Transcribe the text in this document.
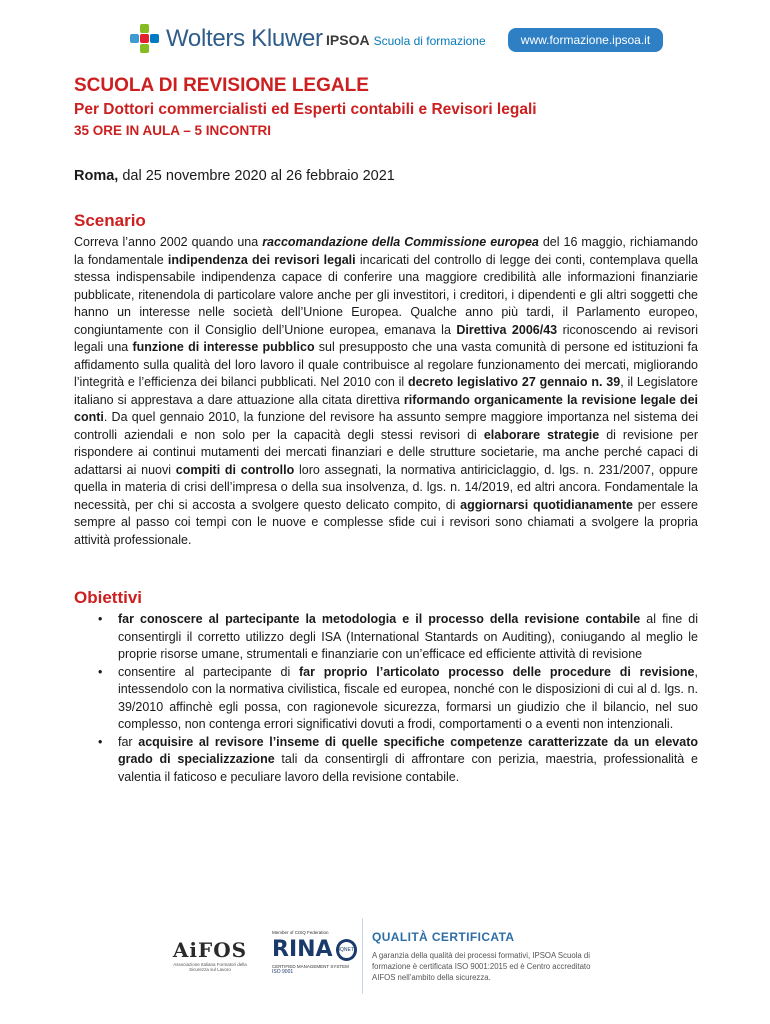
Wolters Kluwer IPSOA Scuola di formazione	www.formazione.ipsoa.it
SCUOLA DI REVISIONE LEGALE
Per Dottori commercialisti ed Esperti contabili e Revisori legali
35 ORE IN AULA – 5 INCONTRI
Roma, dal 25 novembre 2020 al 26 febbraio 2021
Scenario

Correva l’anno 2002 quando una raccomandazione della Commissione europea del 16 maggio, richiamando la fondamentale indipendenza dei revisori legali incaricati del controllo di legge dei conti, contemplava quella stessa indispensabile indipendenza capace di conferire una maggiore credibilità alle informazioni finanziarie pubblicate, ritenendola di particolare valore anche per gli investitori, i creditori, i dipendenti e gli altri soggetti che hanno un interesse nelle società dell’Unione Europea. Qualche anno più tardi, il Parlamento europeo, congiuntamente con il Consiglio dell’Unione europea, emanava la Direttiva 2006/43 riconoscendo ai revisori legali una funzione di interesse pubblico sul presupposto che una vasta comunità di persone ed istituzioni fa affidamento sulla qualità del loro lavoro il quale contribuisce al regolare funzionamento dei mercati, migliorando l’integrità e l’efficienza dei bilanci pubblicati. Nel 2010 con il decreto legislativo 27 gennaio n. 39, il Legislatore italiano si apprestava a dare attuazione alla citata direttiva riformando organicamente la revisione legale dei conti. Da quel gennaio 2010, la funzione del revisore ha assunto sempre maggiore importanza nel sistema dei controlli aziendali e non solo per la capacità degli stessi revisori di elaborare strategie di revisione per rispondere ai continui mutamenti dei mercati finanziari e delle strutture societarie, ma anche perché capaci di adattarsi ai nuovi compiti di controllo loro assegnati, la normativa antiriciclaggio, d. lgs. n. 231/2007, oppure quella in materia di crisi dell’impresa o della sua insolvenza, d. lgs. n. 14/2019, ed altri ancora. Fondamentale la necessità, per chi si accosta a svolgere questo delicato compito, di aggiornarsi quotidianamente per essere sempre al passo coi tempi con le nuove e complesse sfide cui i revisori sono chiamati a svolgere la propria attività professionale.

Obiettivi
• far conoscere al partecipante la metodologia e il processo della revisione contabile al fine di consentirgli il corretto utilizzo degli ISA (International Stantards on Auditing), coniugando al meglio le proprie risorse umane, strumentali e finanziarie con un’efficace ed efficiente attività di revisione
• consentire al partecipante di far proprio l’articolato processo delle procedure di revisione, intessendolo con la normativa civilistica, fiscale ed europea, nonché con le disposizioni di cui al d. lgs. n. 39/2010 affinchè egli possa, con ragionevole sicurezza, formarsi un giudizio che il bilancio, nel suo complesso, non contenga errori significativi dovuti a frodi, comportamenti o a eventi non intenzionali.
• far acquisire al revisore l’inseme di quelle specifiche competenze caratterizzate da un elevato grado di specializzazione tali da consentirgli di affrontare con perizia, maestria, professionalità e valentia il faticoso e peculiare lavoro della revisione contabile.
AiFOS
Associazione Italiana Formatori della Sicurezza sul Lavoro
Member of CISQ Federation
RINA	IQNET
CERTIFIED MANAGEMENT SYSTEM
ISO 9001
QUALITÀ CERTIFICATA
A garanzia della qualità dei processi formativi, IPSOA Scuola di formazione è certificata ISO 9001:2015 ed è Centro accreditato AIFOS nell’ambito della sicurezza.
